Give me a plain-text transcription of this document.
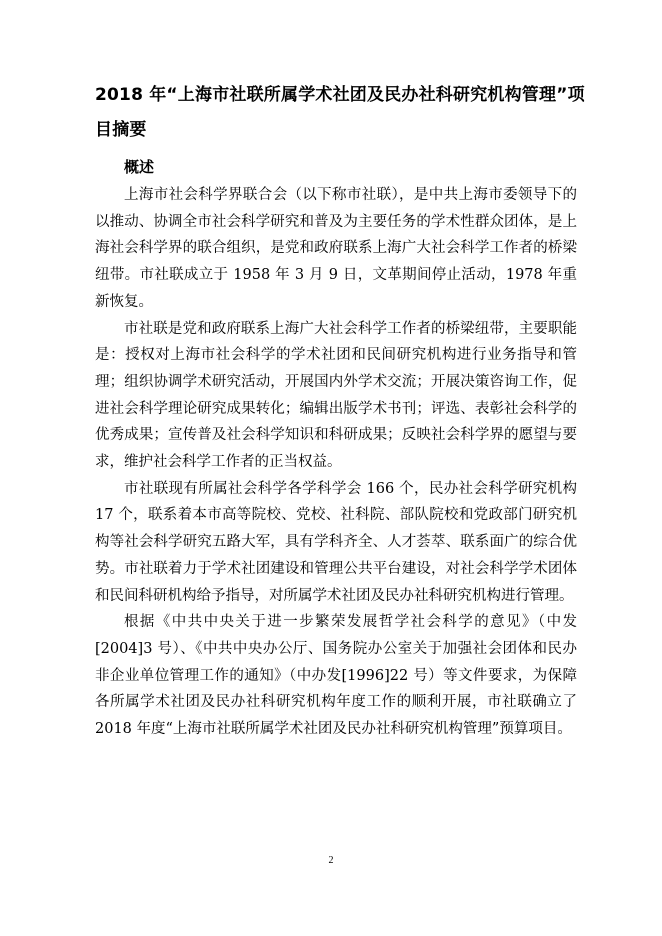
2018 年“上海市社联所属学术社团及民办社科研究机构管理”项目摘要
概述

上海市社会科学界联合会（以下称市社联），是中共上海市委领导下的以推动、协调全市社会科学研究和普及为主要任务的学术性群众团体，是上海社会科学界的联合组织，是党和政府联系上海广大社会科学工作者的桥梁纽带。市社联成立于 1958 年 3 月 9 日，文革期间停止活动，1978 年重新恢复。

市社联是党和政府联系上海广大社会科学工作者的桥梁纽带，主要职能是：授权对上海市社会科学的学术社团和民间研究机构进行业务指导和管理；组织协调学术研究活动，开展国内外学术交流；开展决策咨询工作，促进社会科学理论研究成果转化；编辑出版学术书刊；评选、表彰社会科学的优秀成果；宣传普及社会科学知识和科研成果；反映社会科学界的愿望与要求，维护社会科学工作者的正当权益。

市社联现有所属社会科学各学科学会 166 个，民办社会科学研究机构 17 个，联系着本市高等院校、党校、社科院、部队院校和党政部门研究机构等社会科学研究五路大军，具有学科齐全、人才荟萃、联系面广的综合优势。市社联着力于学术社团建设和管理公共平台建设，对社会科学学术团体和民间科研机构给予指导，对所属学术社团及民办社科研究机构进行管理。

根据《中共中央关于进一步繁荣发展哲学社会科学的意见》（中发[2004]3 号）、《中共中央办公厅、国务院办公室关于加强社会团体和民办非企业单位管理工作的通知》（中办发[1996]22 号）等文件要求，为保障各所属学术社团及民办社科研究机构年度工作的顺利开展，市社联确立了 2018 年度“上海市社联所属学术社团及民办社科研究机构管理”预算项目。

2
